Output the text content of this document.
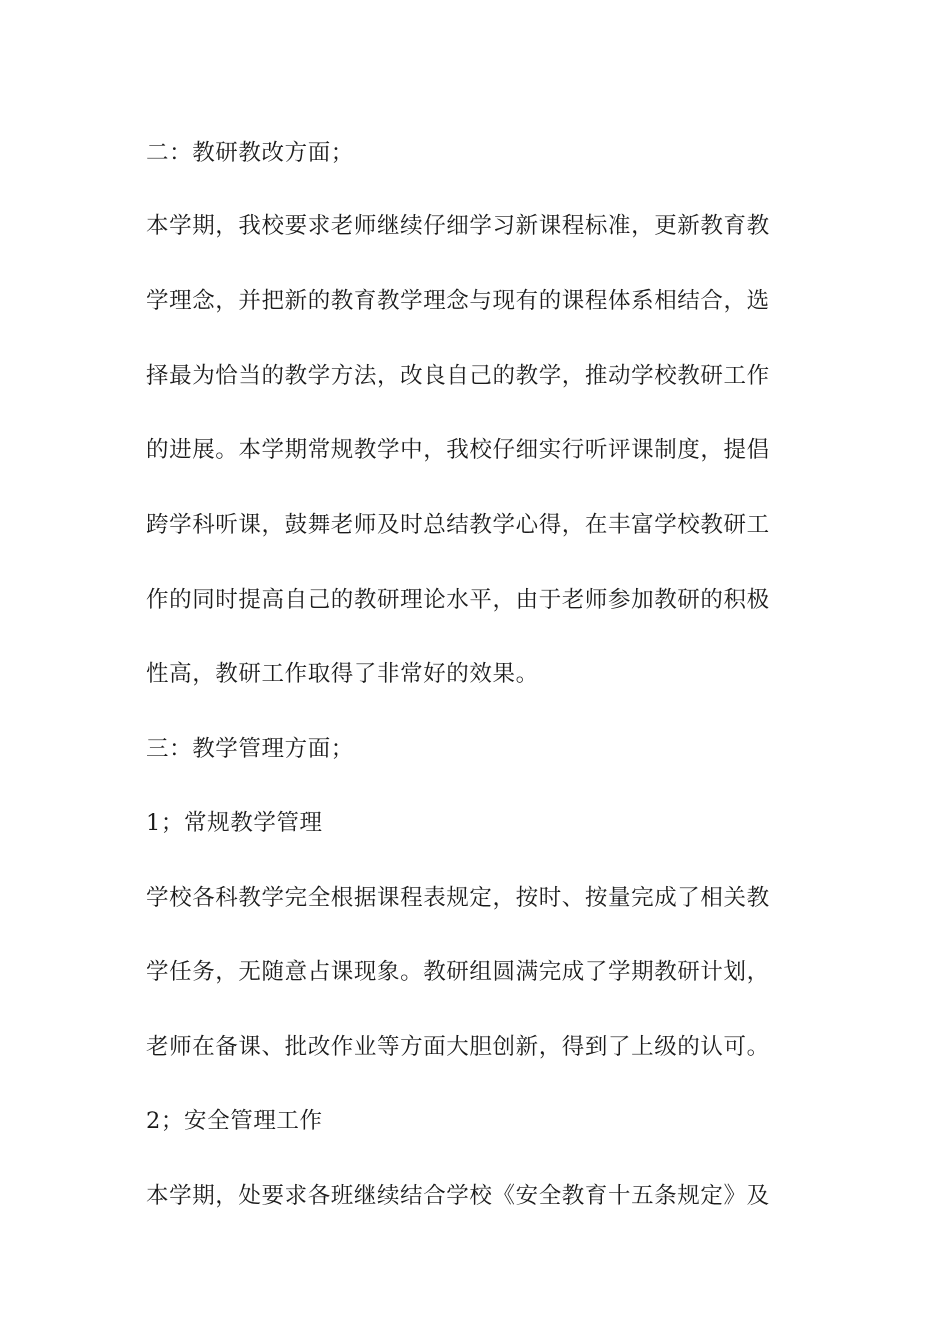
二：教研教改方面；
本学期，我校要求老师继续仔细学习新课程标准，更新教育教
学理念，并把新的教育教学理念与现有的课程体系相结合，选
择最为恰当的教学方法，改良自己的教学，推动学校教研工作
的进展。本学期常规教学中，我校仔细实行听评课制度，提倡
跨学科听课，鼓舞老师及时总结教学心得，在丰富学校教研工
作的同时提高自己的教研理论水平，由于老师参加教研的积极
性高，教研工作取得了非常好的效果。
三：教学管理方面；
1；常规教学管理
学校各科教学完全根据课程表规定，按时、按量完成了相关教
学任务，无随意占课现象。教研组圆满完成了学期教研计划，
老师在备课、批改作业等方面大胆创新，得到了上级的认可。
2；安全管理工作
本学期，处要求各班继续结合学校《安全教育十五条规定》及
